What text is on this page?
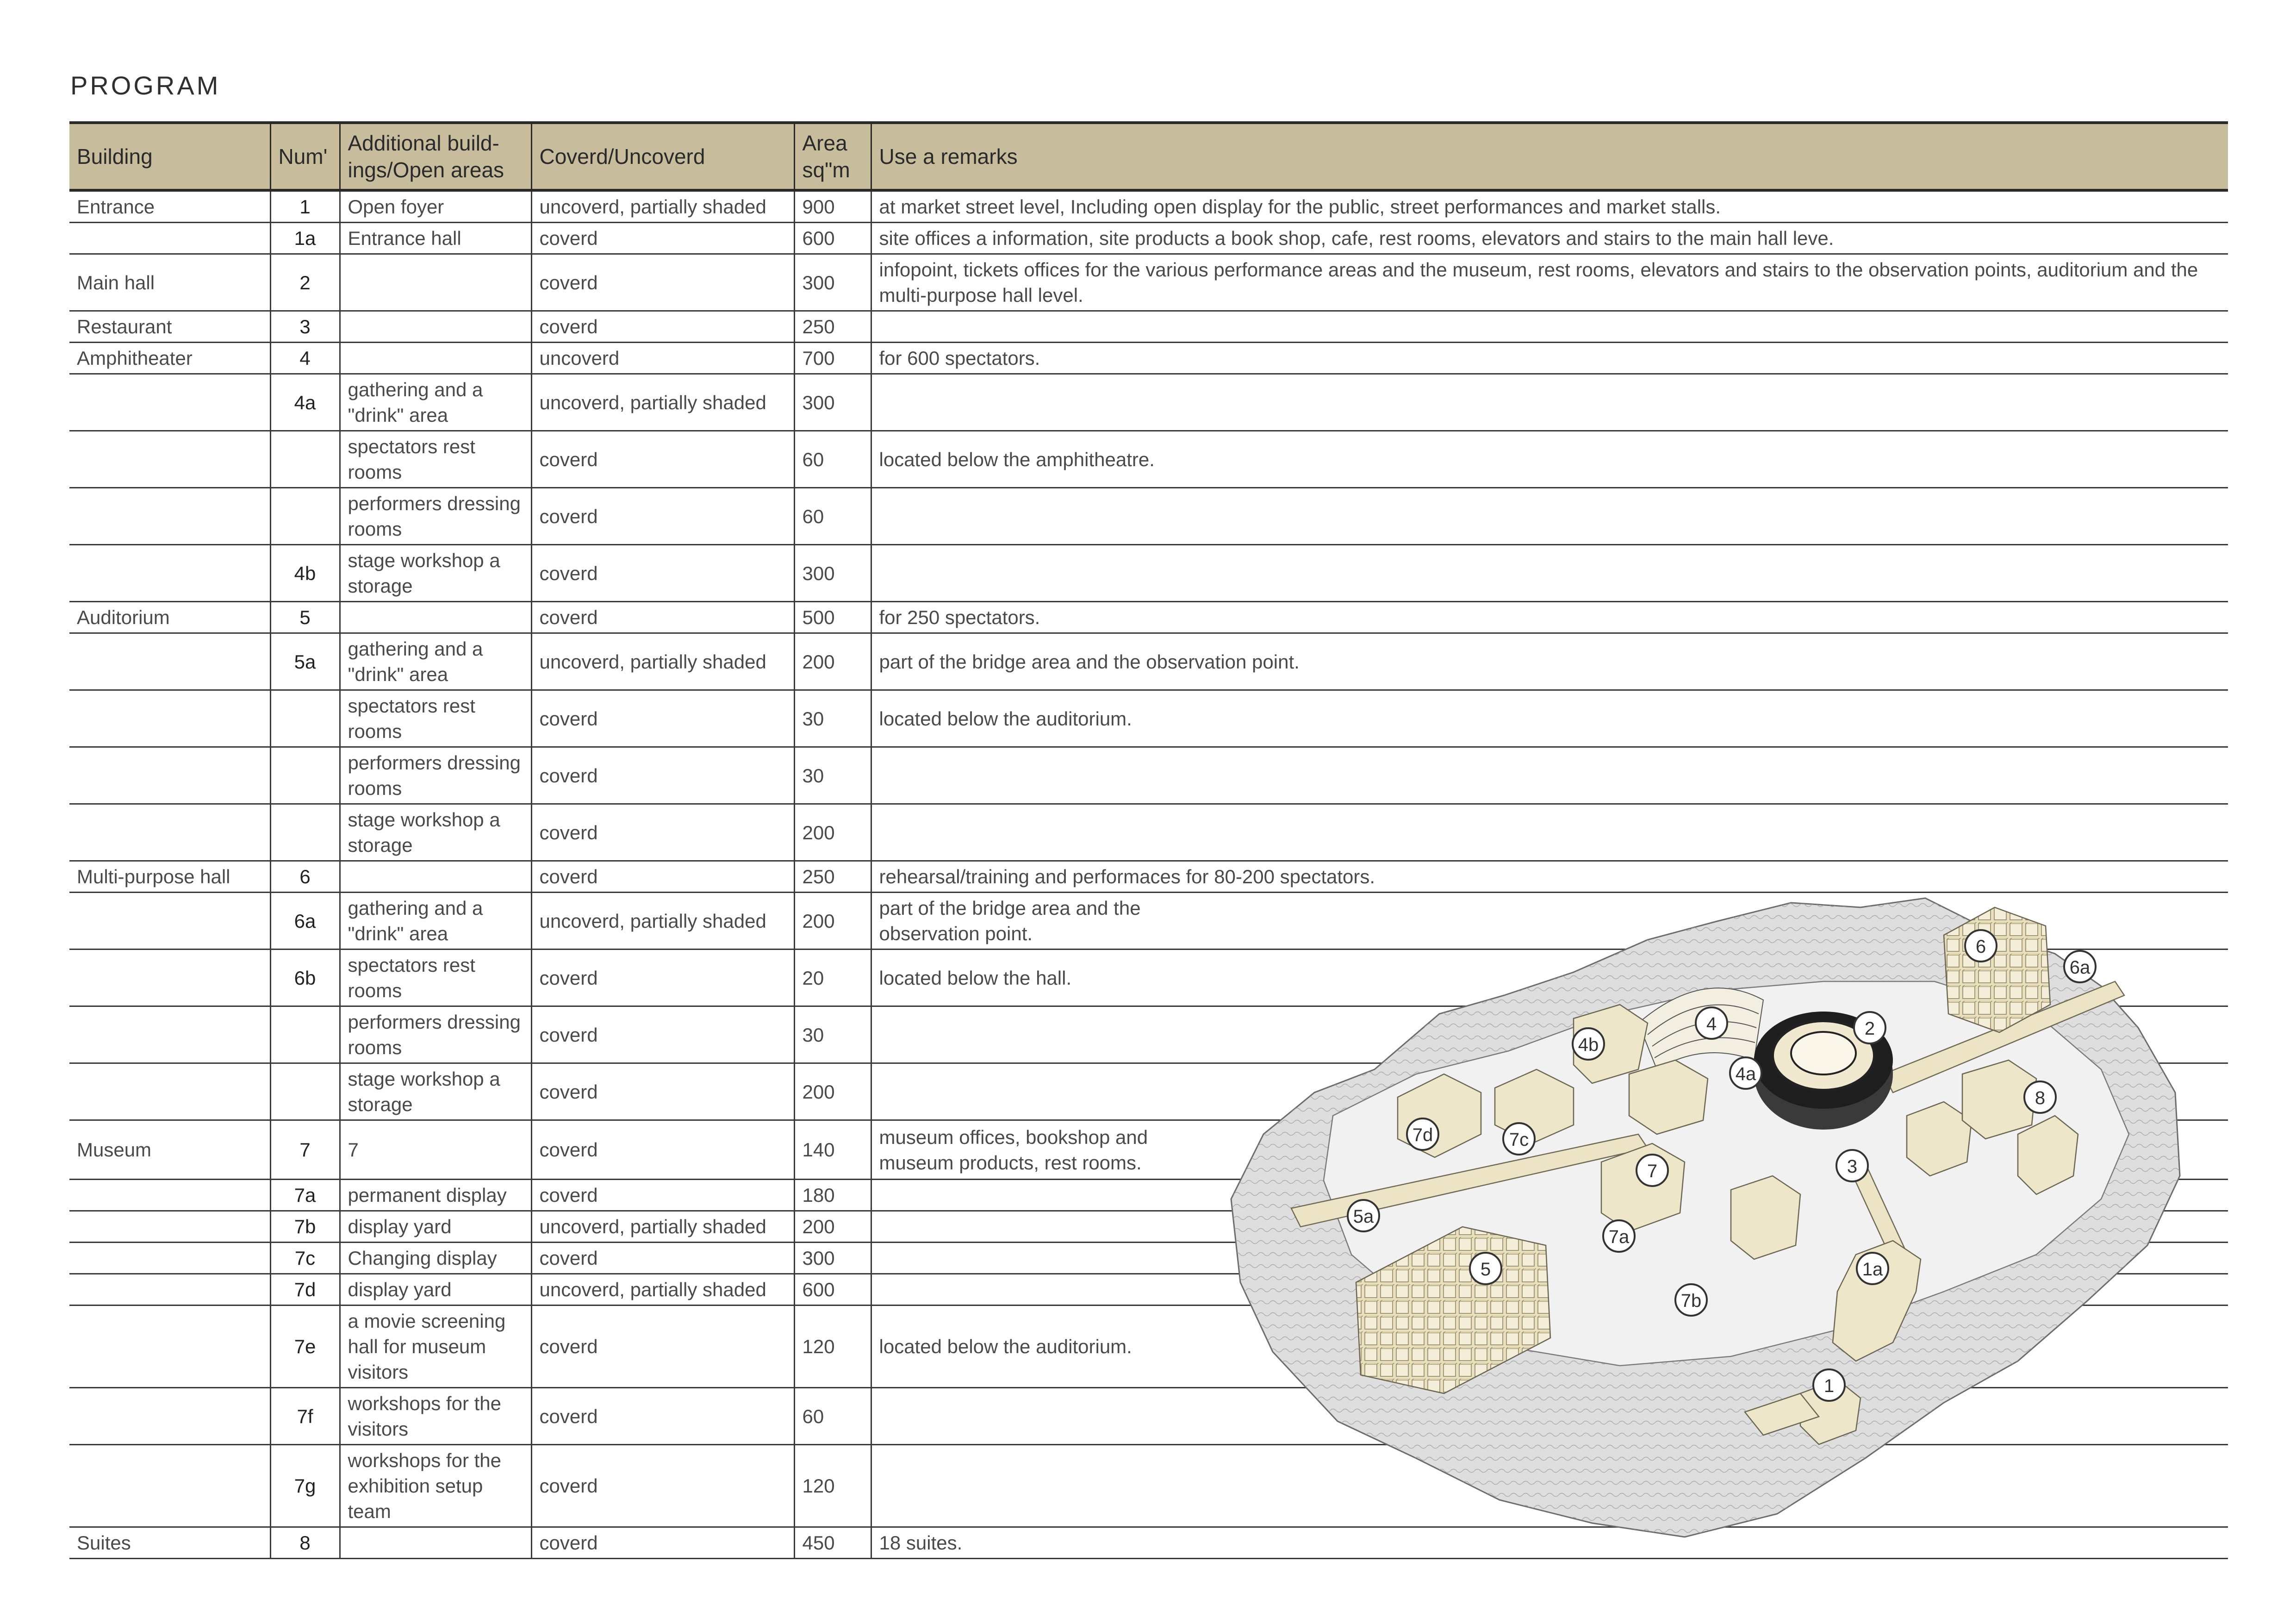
PROGRAM
Building	Num'	Additional build-ings/Open areas	Coverd/Uncoverd	Area sq"m	Use a remarks
Entrance	1	Open foyer	uncoverd, partially shaded	900	at market street level, Including open display for the public, street performances and market stalls.
	1a	Entrance hall	coverd	600	site offices a information, site products a book shop, cafe, rest rooms, elevators and stairs to the main hall leve.
Main hall	2		coverd	300	infopoint, tickets offices for the various performance areas and the museum, rest rooms, elevators and stairs to the observation points, auditorium and the multi-purpose hall level.
Restaurant	3		coverd	250	
Amphitheater	4		uncoverd	700	for 600 spectators.
	4a	gathering and a "drink" area	uncoverd, partially shaded	300	
		spectators rest rooms	coverd	60	located below the amphitheatre.
		performers dressing rooms	coverd	60	
	4b	stage workshop a storage	coverd	300	
Auditorium	5		coverd	500	for 250 spectators.
	5a	gathering and a "drink" area	uncoverd, partially shaded	200	part of the bridge area and the observation point.
		spectators rest rooms	coverd	30	located below the auditorium.
		performers dressing rooms	coverd	30	
		stage workshop a storage	coverd	200	
Multi-purpose hall	6		coverd	250	rehearsal/training and performaces for 80-200 spectators.
	6a	gathering and a "drink" area	uncoverd, partially shaded	200	part of the bridge area and the observation point.

	6b	spectators rest rooms	coverd	20	located below the hall.

		performers dressing rooms	coverd	30	

		stage workshop a storage	coverd	200	

Museum	7	7	coverd	140	museum offices, bookshop and museum products, rest rooms.

	7a	permanent display	coverd	180	

	7b	display yard	uncoverd, partially shaded	200	

	7c	Changing display	coverd	300	

	7d	display yard	uncoverd, partially shaded	600	

	7e	a movie screening hall for museum visitors	coverd	120	located below the auditorium.

	7f	workshops for the visitors	coverd	60	

	7g	workshops for the exhibition setup team	coverd	120	

Suites	8		coverd	450	18 suites.
6
6a
4	2
4b
4a
8
7d	7c
3
7
5a
7a
5	1a
7b
1
